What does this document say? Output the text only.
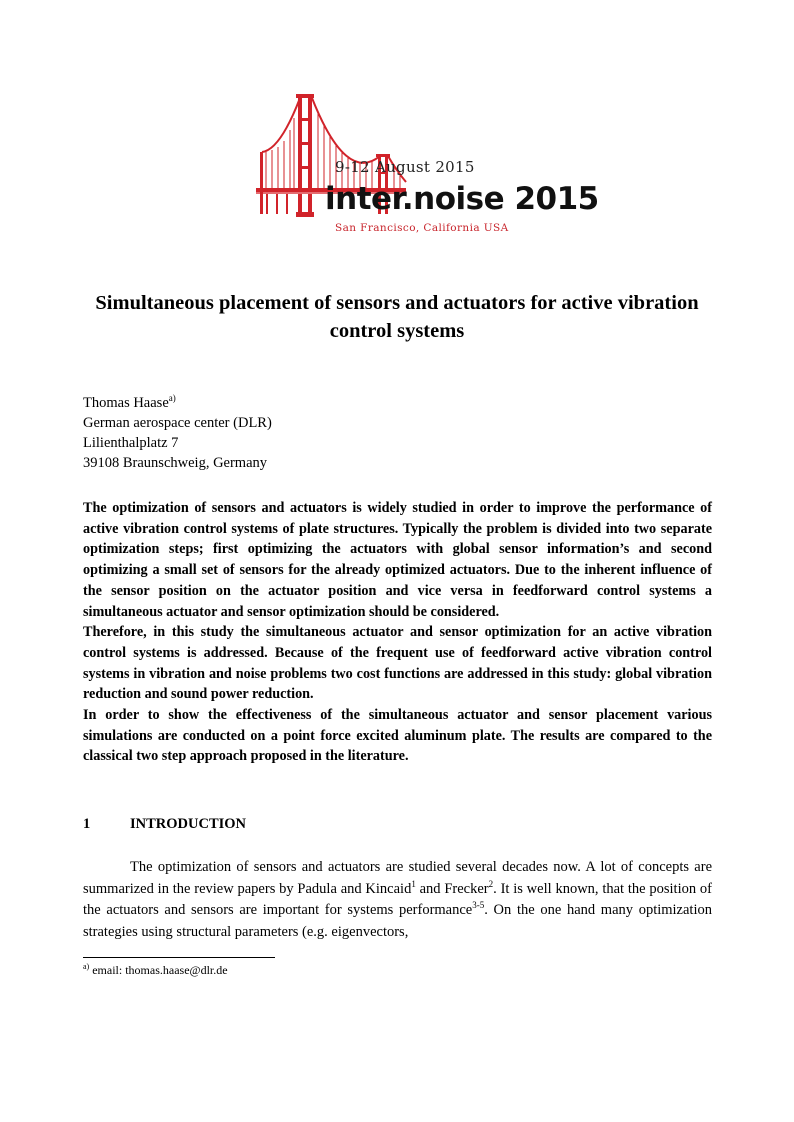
9-12 August 2015
inter.noise 2015
San Francisco, California USA
Simultaneous placement of sensors and actuators for active vibration control systems
Thomas Haase$^{a)}$
German aerospace center (DLR)
Lilienthalplatz 7
39108 Braunschweig, Germany

The optimization of sensors and actuators is widely studied in order to improve the performance of active vibration control systems of plate structures. Typically the problem is divided into two separate optimization steps; first optimizing the actuators with global sensor information’s and second optimizing a small set of sensors for the already optimized actuators. Due to the inherent influence of the sensor position on the actuator position and vice versa in feedforward control systems a simultaneous actuator and sensor optimization should be considered.

Therefore, in this study the simultaneous actuator and sensor optimization for an active vibration control systems is addressed. Because of the frequent use of feedforward active vibration control systems in vibration and noise problems two cost functions are addressed in this study: global vibration reduction and sound power reduction.

In order to show the effectiveness of the simultaneous actuator and sensor placement various simulations are conducted on a point force excited aluminum plate. The results are compared to the classical two step approach proposed in the literature.

1	INTRODUCTION

The optimization of sensors and actuators are studied several decades now. A lot of concepts are summarized in the review papers by Padula and Kincaid$^1$ and Frecker$^2$. It is well known, that the position of the actuators and sensors are important for systems performance$^{3-5}$. On the one hand many optimization strategies using structural parameters (e.g. eigenvectors,

$^{a)}$ email: thomas.haase@dlr.de
